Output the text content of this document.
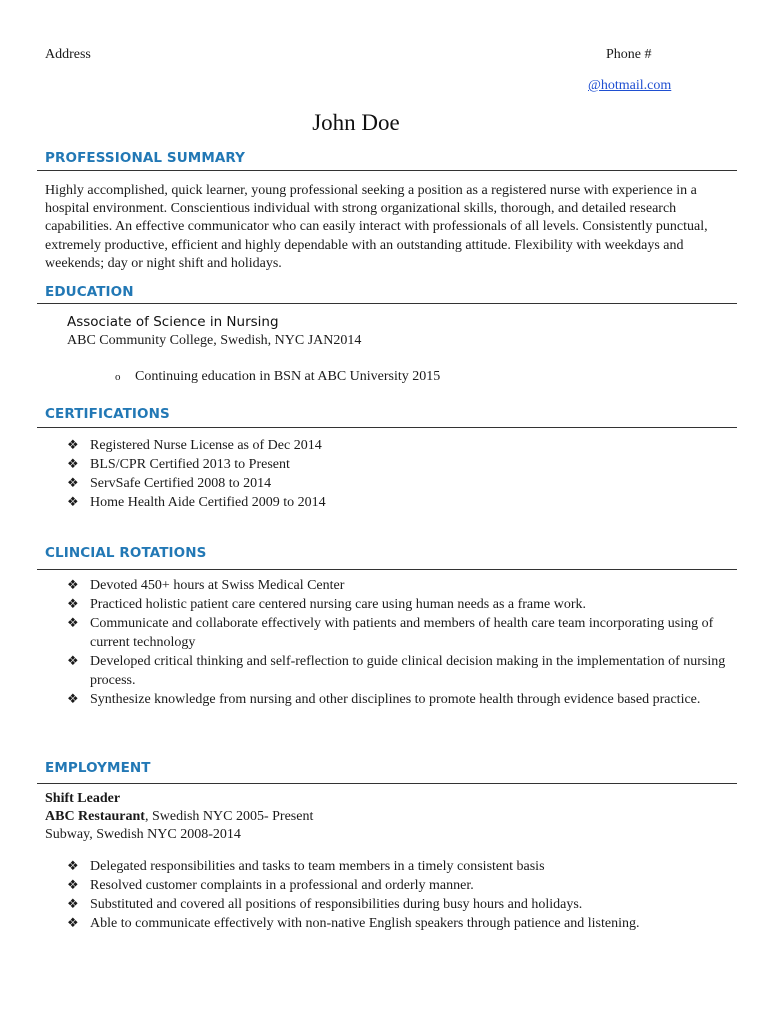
Address	Phone #
@hotmail.com
John Doe
PROFESSIONAL SUMMARY
Highly accomplished, quick learner, young professional seeking a position as a registered nurse with experience in a hospital environment. Conscientious individual with strong organizational skills, thorough, and detailed research capabilities. An effective communicator who can easily interact with professionals of all levels. Consistently punctual, extremely productive, efficient and highly dependable with an outstanding attitude. Flexibility with weekdays and weekends; day or night shift and holidays.
EDUCATION
Associate of Science in Nursing
ABC Community College, Swedish, NYC JAN2014
o Continuing education in BSN at ABC University 2015
CERTIFICATIONS
❖ Registered Nurse License as of Dec 2014
❖ BLS/CPR Certified 2013 to Present
❖ ServSafe Certified 2008 to 2014
❖ Home Health Aide Certified 2009 to 2014
CLINCIAL ROTATIONS
❖ Devoted 450+ hours at Swiss Medical Center
❖ Practiced holistic patient care centered nursing care using human needs as a frame work.
❖ Communicate and collaborate effectively with patients and members of health care team incorporating using of current technology
❖ Developed critical thinking and self-reflection to guide clinical decision making in the implementation of nursing process.
❖ Synthesize knowledge from nursing and other disciplines to promote health through evidence based practice.
EMPLOYMENT
Shift Leader
ABC Restaurant, Swedish NYC 2005- Present
Subway, Swedish NYC 2008-2014
❖ Delegated responsibilities and tasks to team members in a timely consistent basis
❖ Resolved customer complaints in a professional and orderly manner.
❖ Substituted and covered all positions of responsibilities during busy hours and holidays.
❖ Able to communicate effectively with non-native English speakers through patience and listening.
